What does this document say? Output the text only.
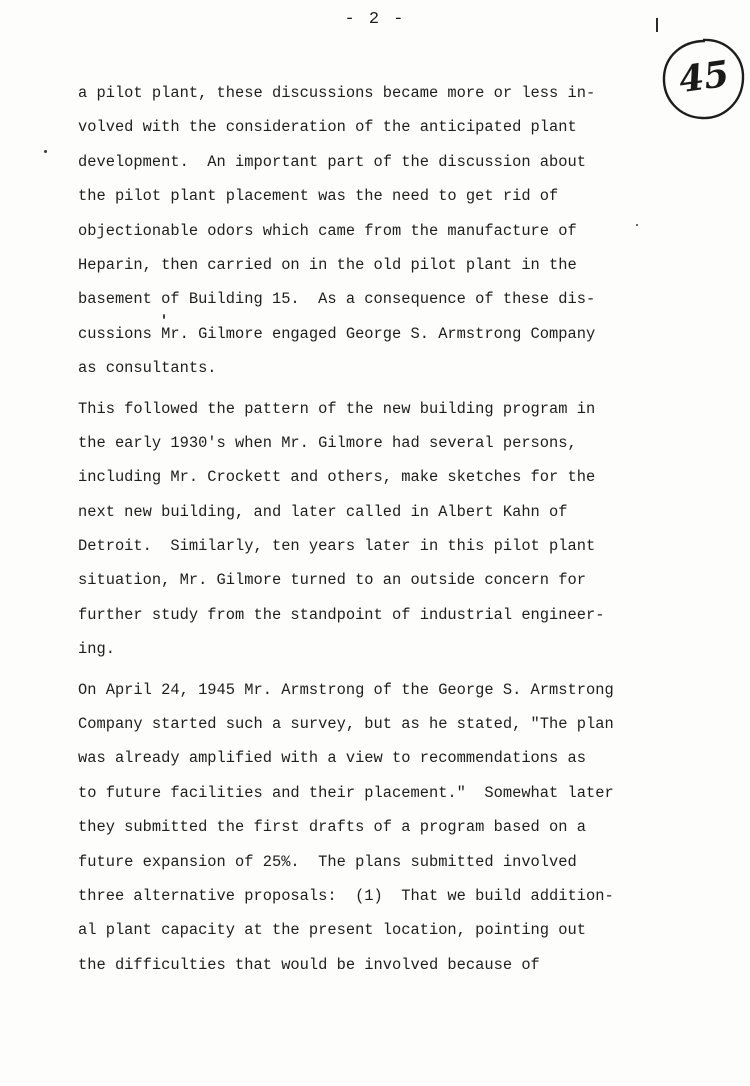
- 2 -
45
a pilot plant, these discussions became more or less in-
volved with the consideration of the anticipated plant
development.  An important part of the discussion about
the pilot plant placement was the need to get rid of
objectionable odors which came from the manufacture of
Heparin, then carried on in the old pilot plant in the
basement of Building 15.  As a consequence of these dis-
cussions Mr. Gilmore engaged George S. Armstrong Company
as consultants.
This followed the pattern of the new building program in
the early 1930's when Mr. Gilmore had several persons,
including Mr. Crockett and others, make sketches for the
next new building, and later called in Albert Kahn of
Detroit.  Similarly, ten years later in this pilot plant
situation, Mr. Gilmore turned to an outside concern for
further study from the standpoint of industrial engineer-
ing.
On April 24, 1945 Mr. Armstrong of the George S. Armstrong
Company started such a survey, but as he stated, "The plan
was already amplified with a view to recommendations as
to future facilities and their placement."  Somewhat later
they submitted the first drafts of a program based on a
future expansion of 25%.  The plans submitted involved
three alternative proposals:  (1)  That we build addition-
al plant capacity at the present location, pointing out
the difficulties that would be involved because of
